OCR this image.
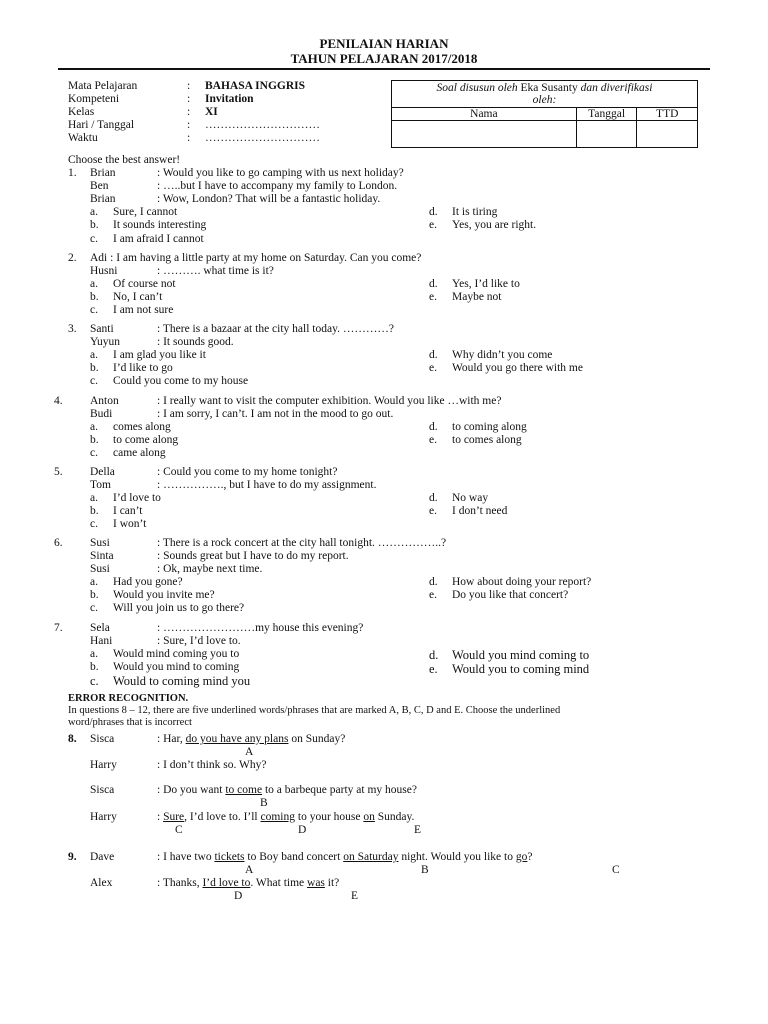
PENILAIAN HARIAN
TAHUN PELAJARAN 2017/2018
Mata Pelajaran	: BAHASA INGGRIS
Kompeteni	: Invitation
Kelas	: XI
Hari / Tanggal	: …………………………
Waktu	: …………………………
Soal disusun oleh Eka Susanty dan diverifikasi
oleh:		
Nama	Tanggal	TTD

Choose the best answer!
1. Brian	: Would you like to go camping with us next holiday?
Ben	: …..but I have to accompany my family to London.
Brian	: Wow, London? That will be a fantastic holiday.
a. Sure, I cannot
b. It sounds interesting
c. I am afraid I cannot
d. It is tiring
e. Yes, you are right.
2. Adi : I am having a little party at my home on Saturday. Can you come?
Husni	: ………. what time is it?
a. Of course not
b. No, I can’t
c. I am not sure
d. Yes, I’d like to
e. Maybe not
3. Santi	: There is a bazaar at the city hall today. …………?
Yuyun	: It sounds good.
a. I am glad you like it
b. I’d like to go
c. Could you come to my house
d. Why didn’t you come
e. Would you go there with me
4. Anton	: I really want to visit the computer exhibition. Would you like …with me?
Budi	: I am sorry, I can’t. I am not in the mood to go out.
a. comes along
b. to come along
c. came along
d. to coming along
e. to comes along
5. Della	: Could you come to my home tonight?
Tom	: ……………., but I have to do my assignment.
a. I’d love to
b. I can’t
c. I won’t
d. No way
e. I don’t need
6. Susi	: There is a rock concert at the city hall tonight. ……………..?
Sinta	: Sounds great but I have to do my report.
Susi	: Ok, maybe next time.
a. Had you gone?
b. Would you invite me?
c. Will you join us to go there?
d. How about doing your report?
e. Do you like that concert?
7. Sela	: ……………………my house this evening?
Hani	: Sure, I’d love to.
a. Would mind coming you to
b. Would you mind to coming
c. Would to coming mind you
d. Would you mind coming to
e. Would you to coming mind
ERROR RECOGNITION.
In questions 8 – 12, there are five underlined words/phrases that are marked A, B, C, D and E. Choose the underlined
word/phrases that is incorrect
8. Sisca	: Har, do you have any plans on Sunday?
A
Harry	: I don’t think so. Why?
Sisca	: Do you want to come to a barbeque party at my house?
B
Harry	: Sure, I’d love to. I’ll coming to your house on Sunday.
C	D	E
9. Dave	: I have two tickets to Boy band concert on Saturday night. Would you like to go?
A	B	C
Alex	: Thanks, I’d love to. What time was it?
D	E
